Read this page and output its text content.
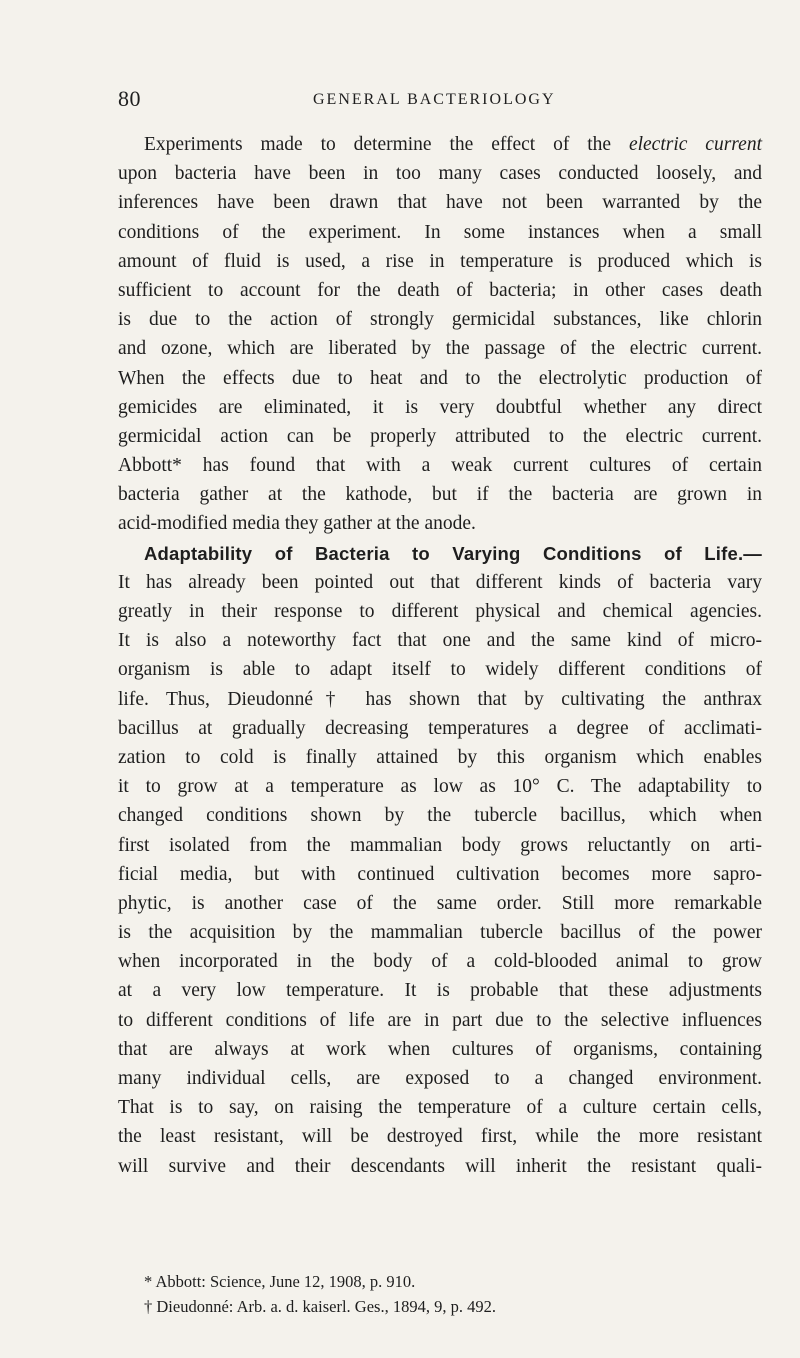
80	GENERAL BACTERIOLOGY
Experiments made to determine the effect of the electric current
upon bacteria have been in too many cases conducted loosely, and
inferences have been drawn that have not been warranted by the
conditions of the experiment. In some instances when a small
amount of fluid is used, a rise in temperature is produced which is
sufficient to account for the death of bacteria; in other cases death
is due to the action of strongly germicidal substances, like chlorin
and ozone, which are liberated by the passage of the electric current.
When the effects due to heat and to the electrolytic production of
gemicides are eliminated, it is very doubtful whether any direct
germicidal action can be properly attributed to the electric current.
Abbott* has found that with a weak current cultures of certain
bacteria gather at the kathode, but if the bacteria are grown in
acid-modified media they gather at the anode.
Adaptability of Bacteria to Varying Conditions of Life.—
It has already been pointed out that different kinds of bacteria vary
greatly in their response to different physical and chemical agencies.
It is also a noteworthy fact that one and the same kind of micro-
organism is able to adapt itself to widely different conditions of
life. Thus, Dieudonné† has shown that by cultivating the anthrax
bacillus at gradually decreasing temperatures a degree of acclimati-
zation to cold is finally attained by this organism which enables
it to grow at a temperature as low as 10° C. The adaptability to
changed conditions shown by the tubercle bacillus, which when
first isolated from the mammalian body grows reluctantly on arti-
ficial media, but with continued cultivation becomes more sapro-
phytic, is another case of the same order. Still more remarkable
is the acquisition by the mammalian tubercle bacillus of the power
when incorporated in the body of a cold-blooded animal to grow
at a very low temperature. It is probable that these adjustments
to different conditions of life are in part due to the selective influences
that are always at work when cultures of organisms, containing
many individual cells, are exposed to a changed environment.
That is to say, on raising the temperature of a culture certain cells,
the least resistant, will be destroyed first, while the more resistant
will survive and their descendants will inherit the resistant quali-
* Abbott: Science, June 12, 1908, p. 910.
† Dieudonné: Arb. a. d. kaiserl. Ges., 1894, 9, p. 492.
